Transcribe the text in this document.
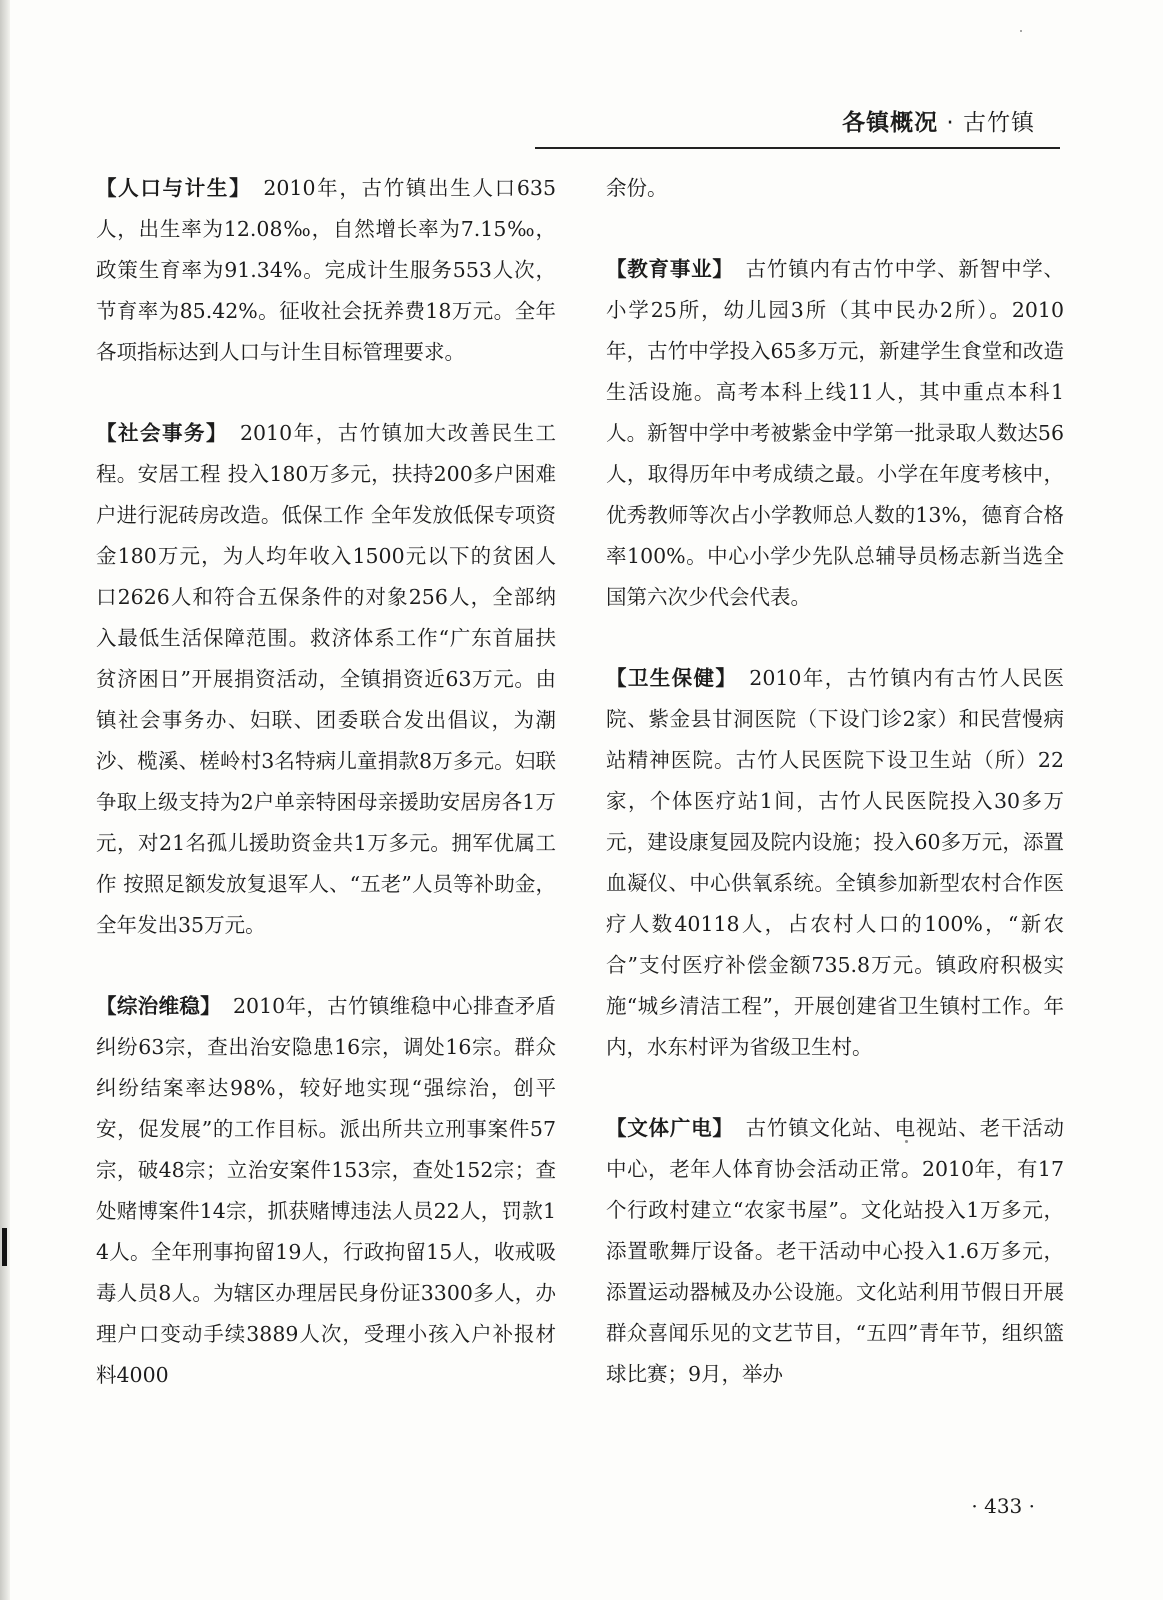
各镇概况 · 古竹镇

【人口与计生】 2010年，古竹镇出生人口635人，出生率为12.08‰，自然增长率为7.15‰，政策生育率为91.34%。完成计生服务553人次，节育率为85.42%。征收社会抚养费18万元。全年各项指标达到人口与计生目标管理要求。

【社会事务】 2010年，古竹镇加大改善民生工程。安居工程 投入180万多元，扶持200多户困难户进行泥砖房改造。低保工作 全年发放低保专项资金180万元，为人均年收入1500元以下的贫困人口2626人和符合五保条件的对象256人，全部纳入最低生活保障范围。救济体系工作“广东首届扶贫济困日”开展捐资活动，全镇捐资近63万元。由镇社会事务办、妇联、团委联合发出倡议，为潮沙、榄溪、槎岭村3名特病儿童捐款8万多元。妇联争取上级支持为2户单亲特困母亲援助安居房各1万元，对21名孤儿援助资金共1万多元。拥军优属工作 按照足额发放复退军人、“五老”人员等补助金，全年发出35万元。

【综治维稳】 2010年，古竹镇维稳中心排查矛盾纠纷63宗，查出治安隐患16宗，调处16宗。群众纠纷结案率达98%，较好地实现“强综治，创平安，促发展”的工作目标。派出所共立刑事案件57宗，破48宗；立治安案件153宗，查处152宗；查处赌博案件14宗，抓获赌博违法人员22人，罚款14人。全年刑事拘留19人，行政拘留15人，收戒吸毒人员8人。为辖区办理居民身份证3300多人，办理户口变动手续3889人次，受理小孩入户补报材料4000

余份。

【教育事业】 古竹镇内有古竹中学、新智中学、小学25所，幼儿园3所（其中民办2所）。2010年，古竹中学投入65多万元，新建学生食堂和改造生活设施。高考本科上线11人，其中重点本科1人。新智中学中考被紫金中学第一批录取人数达56人，取得历年中考成绩之最。小学在年度考核中，优秀教师等次占小学教师总人数的13%，德育合格率100%。中心小学少先队总辅导员杨志新当选全国第六次少代会代表。

【卫生保健】 2010年，古竹镇内有古竹人民医院、紫金县甘洞医院（下设门诊2家）和民营慢病站精神医院。古竹人民医院下设卫生站（所）22家，个体医疗站1间，古竹人民医院投入30多万元，建设康复园及院内设施；投入60多万元，添置血凝仪、中心供氧系统。全镇参加新型农村合作医疗人数40118人，占农村人口的100%，“新农合”支付医疗补偿金额735.8万元。镇政府积极实施“城乡清洁工程”，开展创建省卫生镇村工作。年内，水东村评为省级卫生村。

【文体广电】 古竹镇文化站、电视站、老干活动中心，老年人体育协会活动正常。2010年，有17个行政村建立“农家书屋”。文化站投入1万多元，添置歌舞厅设备。老干活动中心投入1.6万多元，添置运动器械及办公设施。文化站利用节假日开展群众喜闻乐见的文艺节目，“五四”青年节，组织篮球比赛；9月，举办

· 433 ·
